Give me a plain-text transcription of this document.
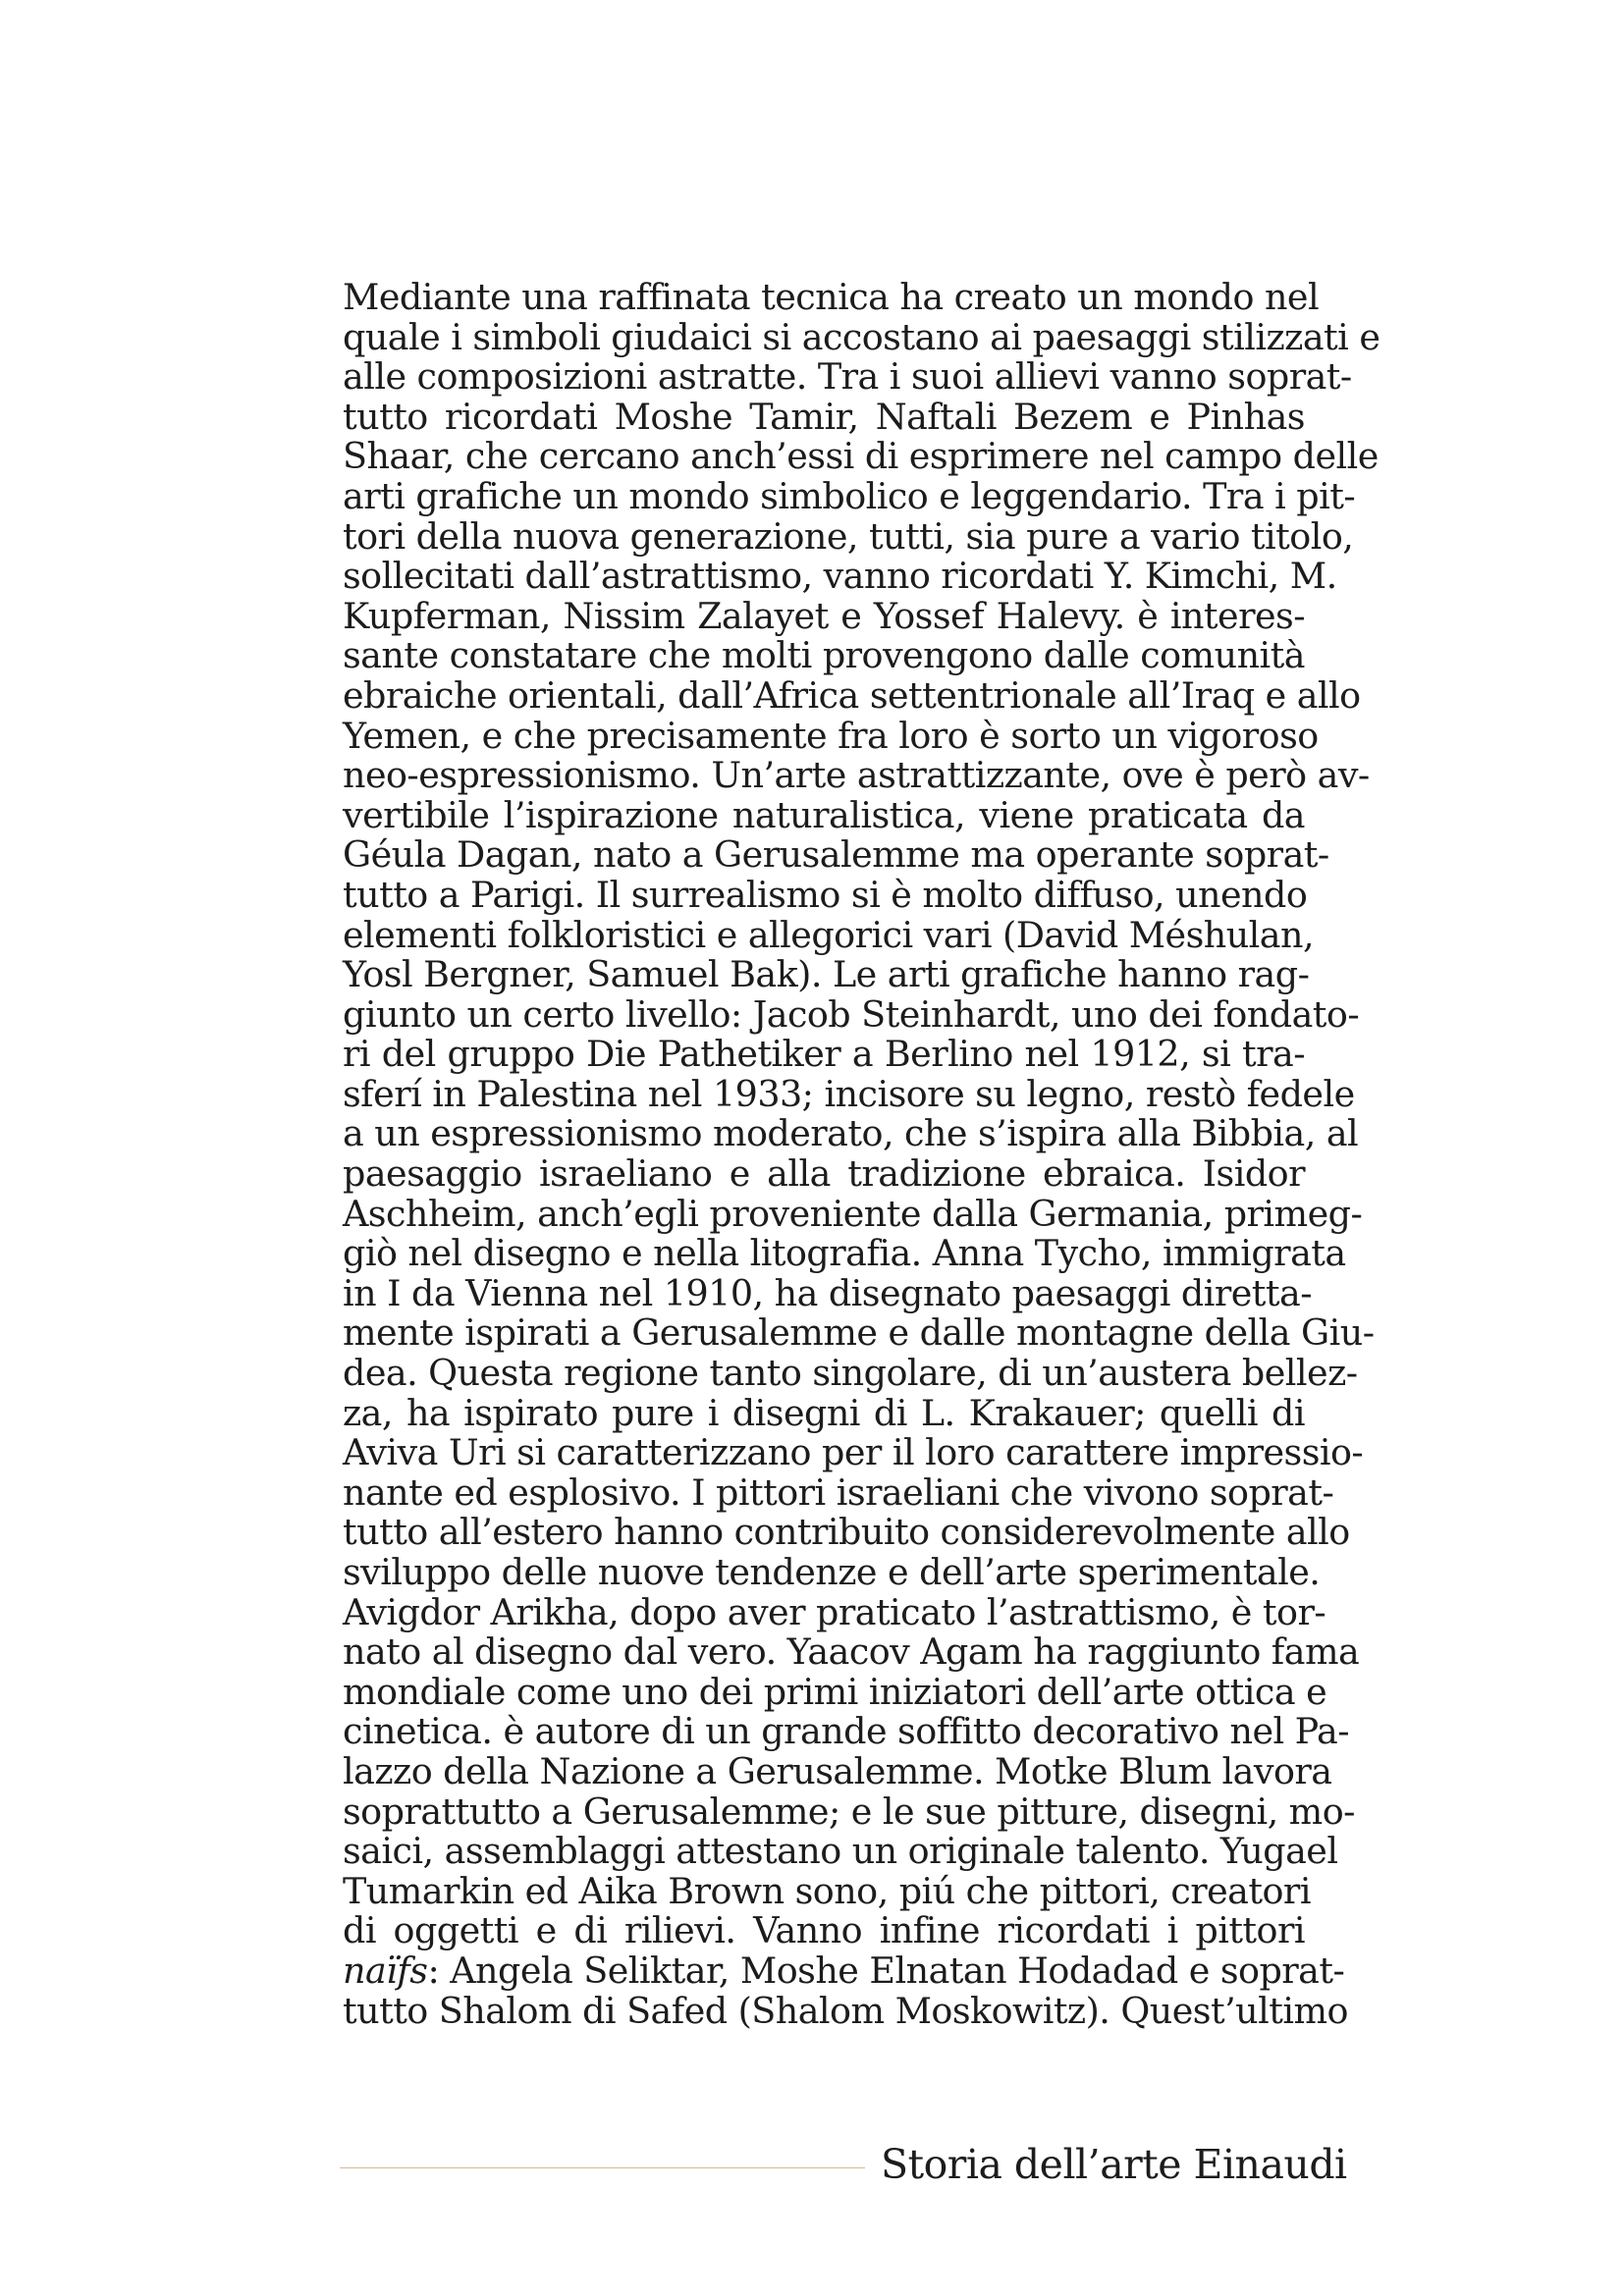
Mediante una raffinata tecnica ha creato un mondo nel
quale i simboli giudaici si accostano ai paesaggi stilizzati e
alle composizioni astratte. Tra i suoi allievi vanno soprat-
tutto ricordati Moshe Tamir, Naftali Bezem e Pinhas
Shaar, che cercano anch’essi di esprimere nel campo delle
arti grafiche un mondo simbolico e leggendario. Tra i pit-
tori della nuova generazione, tutti, sia pure a vario titolo,
sollecitati dall’astrattismo, vanno ricordati Y. Kimchi, M.
Kupferman, Nissim Zalayet e Yossef Halevy. è interes-
sante constatare che molti provengono dalle comunità
ebraiche orientali, dall’Africa settentrionale all’Iraq e allo
Yemen, e che precisamente fra loro è sorto un vigoroso
neo-espressionismo. Un’arte astrattizzante, ove è però av-
vertibile l’ispirazione naturalistica, viene praticata da
Géula Dagan, nato a Gerusalemme ma operante soprat-
tutto a Parigi. Il surrealismo si è molto diffuso, unendo
elementi folkloristici e allegorici vari (David Méshulan,
Yosl Bergner, Samuel Bak). Le arti grafiche hanno rag-
giunto un certo livello: Jacob Steinhardt, uno dei fondato-
ri del gruppo Die Pathetiker a Berlino nel 1912, si tra-
sferí in Palestina nel 1933; incisore su legno, restò fedele
a un espressionismo moderato, che s’ispira alla Bibbia, al
paesaggio israeliano e alla tradizione ebraica. Isidor
Aschheim, anch’egli proveniente dalla Germania, primeg-
giò nel disegno e nella litografia. Anna Tycho, immigrata
in I da Vienna nel 1910, ha disegnato paesaggi diretta-
mente ispirati a Gerusalemme e dalle montagne della Giu-
dea. Questa regione tanto singolare, di un’austera bellez-
za, ha ispirato pure i disegni di L. Krakauer; quelli di
Aviva Uri si caratterizzano per il loro carattere impressio-
nante ed esplosivo. I pittori israeliani che vivono soprat-
tutto all’estero hanno contribuito considerevolmente allo
sviluppo delle nuove tendenze e dell’arte sperimentale.
Avigdor Arikha, dopo aver praticato l’astrattismo, è tor-
nato al disegno dal vero. Yaacov Agam ha raggiunto fama
mondiale come uno dei primi iniziatori dell’arte ottica e
cinetica. è autore di un grande soffitto decorativo nel Pa-
lazzo della Nazione a Gerusalemme. Motke Blum lavora
soprattutto a Gerusalemme; e le sue pitture, disegni, mo-
saici, assemblaggi attestano un originale talento. Yugael
Tumarkin ed Aika Brown sono, piú che pittori, creatori
di oggetti e di rilievi. Vanno infine ricordati i pittori
naïfs: Angela Seliktar, Moshe Elnatan Hodadad e soprat-
tutto Shalom di Safed (Shalom Moskowitz). Quest’ultimo
Storia dell’arte Einaudi
